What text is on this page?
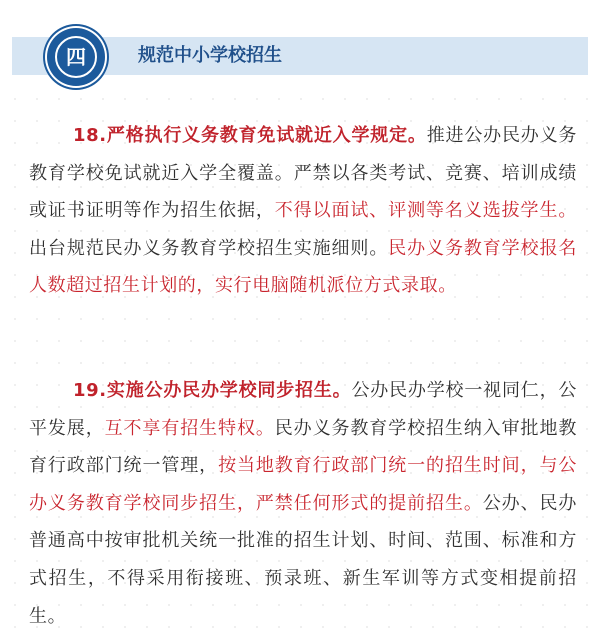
四	规范中小学校招生

18.严格执行义务教育免试就近入学规定。推进公办民办义务教育学校免试就近入学全覆盖。严禁以各类考试、竞赛、培训成绩或证书证明等作为招生依据，不得以面试、评测等名义选拔学生。出台规范民办义务教育学校招生实施细则。民办义务教育学校报名人数超过招生计划的，实行电脑随机派位方式录取。

19.实施公办民办学校同步招生。公办民办学校一视同仁，公平发展，互不享有招生特权。民办义务教育学校招生纳入审批地教育行政部门统一管理，按当地教育行政部门统一的招生时间，与公办义务教育学校同步招生，严禁任何形式的提前招生。公办、民办普通高中按审批机关统一批准的招生计划、时间、范围、标准和方式招生，不得采用衔接班、预录班、新生军训等方式变相提前招生。
